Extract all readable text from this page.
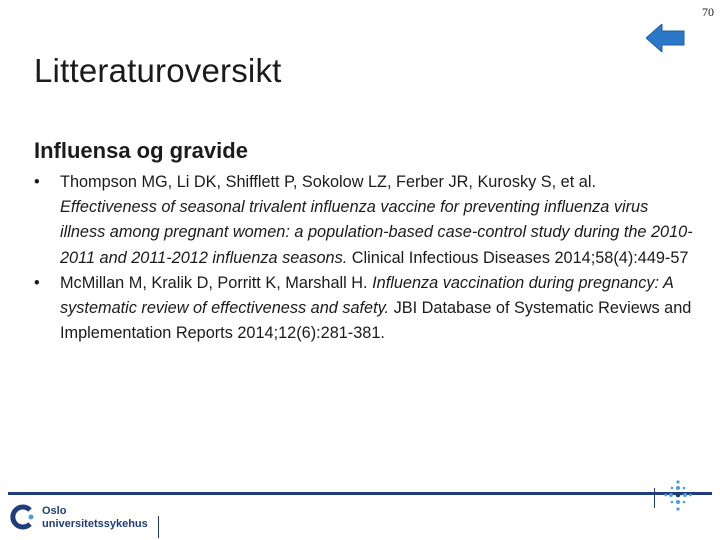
70
Litteraturoversikt
Influensa og gravide

• Thompson MG, Li DK, Shifflett P, Sokolow LZ, Ferber JR, Kurosky S, et al. Effectiveness of seasonal trivalent influenza vaccine for preventing influenza virus illness among pregnant women: a population-based case-control study during the 2010-2011 and 2011-2012 influenza seasons. Clinical Infectious Diseases 2014;58(4):449-57

• McMillan M, Kralik D, Porritt K, Marshall H. Influenza vaccination during pregnancy: A systematic review of effectiveness and safety. JBI Database of Systematic Reviews and Implementation Reports 2014;12(6):281-381.

Oslo
universitetssykehus
